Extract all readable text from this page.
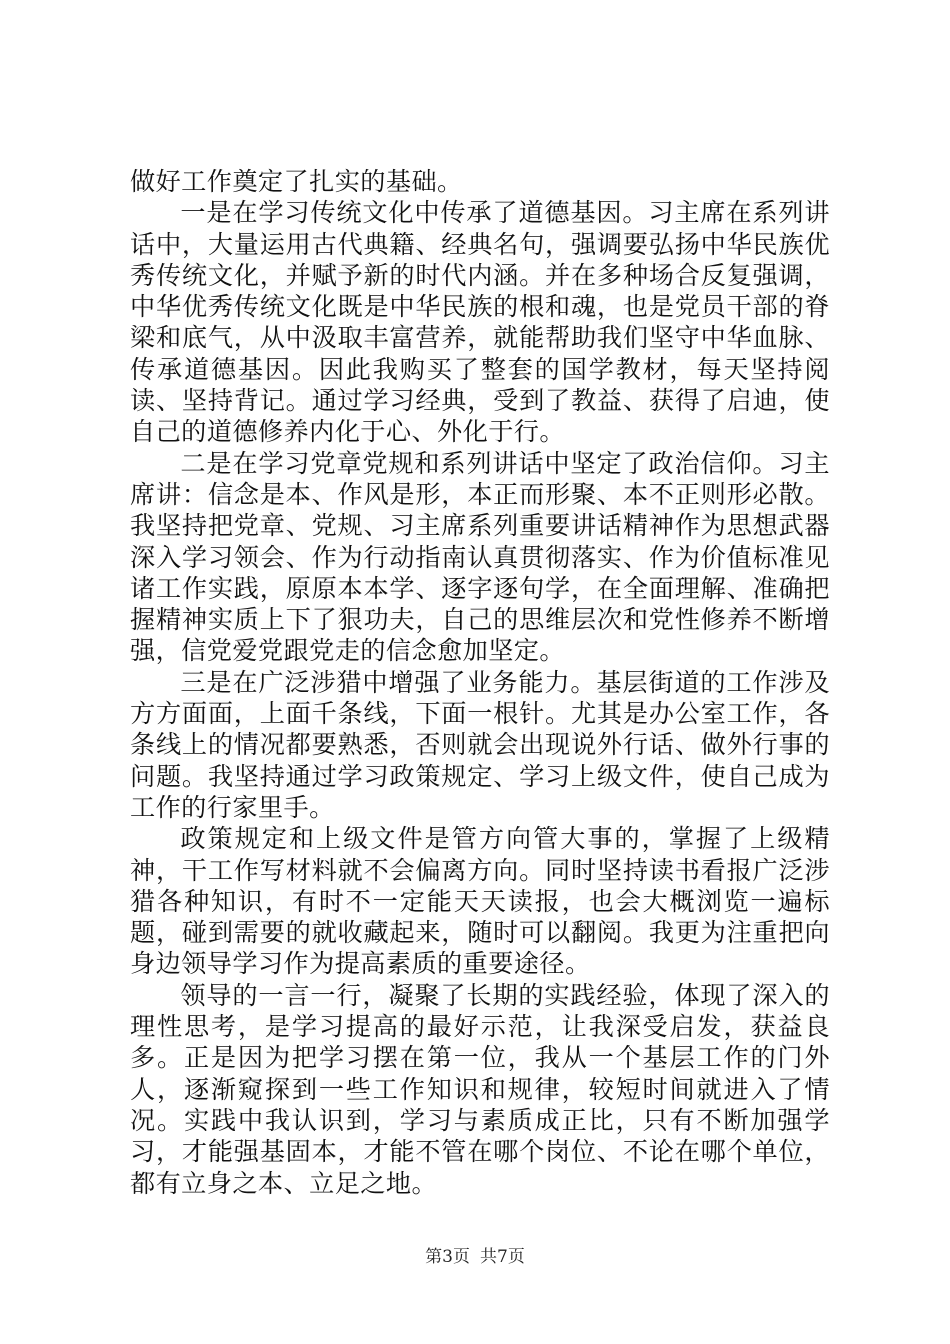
做好工作奠定了扎实的基础。

一是在学习传统文化中传承了道德基因。习主席在系列讲话中，大量运用古代典籍、经典名句，强调要弘扬中华民族优秀传统文化，并赋予新的时代内涵。并在多种场合反复强调，中华优秀传统文化既是中华民族的根和魂，也是党员干部的脊梁和底气，从中汲取丰富营养，就能帮助我们坚守中华血脉、传承道德基因。因此我购买了整套的国学教材，每天坚持阅读、坚持背记。通过学习经典，受到了教益、获得了启迪，使自己的道德修养内化于心、外化于行。

二是在学习党章党规和系列讲话中坚定了政治信仰。习主席讲：信念是本、作风是形，本正而形聚、本不正则形必散。我坚持把党章、党规、习主席系列重要讲话精神作为思想武器深入学习领会、作为行动指南认真贯彻落实、作为价值标准见诸工作实践，原原本本学、逐字逐句学，在全面理解、准确把握精神实质上下了狠功夫，自己的思维层次和党性修养不断增强，信党爱党跟党走的信念愈加坚定。

三是在广泛涉猎中增强了业务能力。基层街道的工作涉及方方面面，上面千条线，下面一根针。尤其是办公室工作，各条线上的情况都要熟悉，否则就会出现说外行话、做外行事的问题。我坚持通过学习政策规定、学习上级文件，使自己成为工作的行家里手。

政策规定和上级文件是管方向管大事的，掌握了上级精神，干工作写材料就不会偏离方向。同时坚持读书看报广泛涉猎各种知识，有时不一定能天天读报，也会大概浏览一遍标题，碰到需要的就收藏起来，随时可以翻阅。我更为注重把向身边领导学习作为提高素质的重要途径。

领导的一言一行，凝聚了长期的实践经验，体现了深入的理性思考，是学习提高的最好示范，让我深受启发，获益良多。正是因为把学习摆在第一位，我从一个基层工作的门外人，逐渐窥探到一些工作知识和规律，较短时间就进入了情况。实践中我认识到，学习与素质成正比，只有不断加强学习，才能强基固本，才能不管在哪个岗位、不论在哪个单位，都有立身之本、立足之地。

第3页 共7页
